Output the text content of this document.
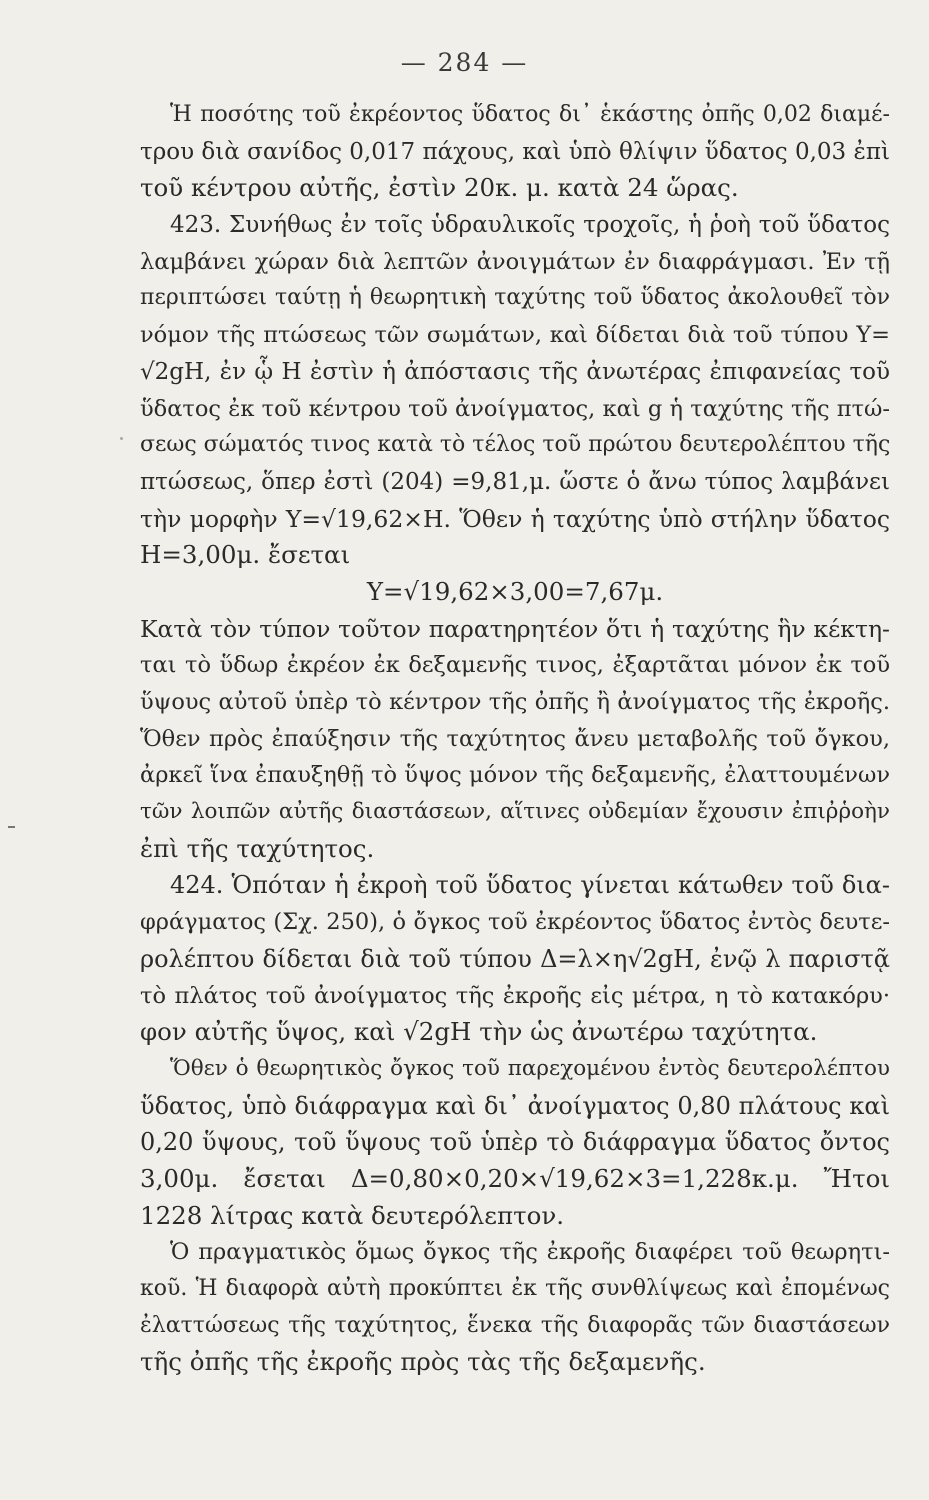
— 284 —
Ἡ ποσότης τοῦ ἐκρέοντος ὕδατος δι᾿ ἑκάστης ὀπῆς 0,02 διαμέ-
τρου διὰ σανίδος 0,017 πάχους, καὶ ὑπὸ θλίψιν ὕδατος 0,03 ἐπὶ
τοῦ κέντρου αὐτῆς, ἐστὶν 20κ. μ. κατὰ 24 ὥρας.
423. Συνήθως ἐν τοῖς ὑδραυλικοῖς τροχοῖς, ἡ ῥοὴ τοῦ ὕδατος
λαμβάνει χώραν διὰ λεπτῶν ἀνοιγμάτων ἐν διαφράγμασι. Ἐν τῇ
περιπτώσει ταύτῃ ἡ θεωρητικὴ ταχύτης τοῦ ὕδατος ἀκολουθεῖ τὸν
νόμον τῆς πτώσεως τῶν σωμάτων, καὶ δίδεται διὰ τοῦ τύπου Υ=
√2gH, ἐν ᾧ Η ἐστὶν ἡ ἀπόστασις τῆς ἀνωτέρας ἐπιφανείας τοῦ
ὕδατος ἐκ τοῦ κέντρου τοῦ ἀνοίγματος, καὶ g ἡ ταχύτης τῆς πτώ-
σεως σώματός τινος κατὰ τὸ τέλος τοῦ πρώτου δευτερολέπτου τῆς
πτώσεως, ὅπερ ἐστὶ (204) =9,81,μ. ὥστε ὁ ἄνω τύπος λαμβάνει
τὴν μορφὴν Υ=√19,62×Η. Ὅθεν ἡ ταχύτης ὑπὸ στήλην ὕδατος
Η=3,00μ. ἔσεται
Υ=√19,62×3,00=7,67μ.
Κατὰ τὸν τύπον τοῦτον παρατηρητέον ὅτι ἡ ταχύτης ἣν κέκτη-
ται τὸ ὕδωρ ἐκρέον ἐκ δεξαμενῆς τινος, ἐξαρτᾶται μόνον ἐκ τοῦ
ὕψους αὐτοῦ ὑπὲρ τὸ κέντρον τῆς ὀπῆς ἢ ἀνοίγματος τῆς ἐκροῆς.
Ὅθεν πρὸς ἐπαύξησιν τῆς ταχύτητος ἄνευ μεταβολῆς τοῦ ὄγκου,
ἀρκεῖ ἵνα ἐπαυξηθῇ τὸ ὕψος μόνον τῆς δεξαμενῆς, ἐλαττουμένων
τῶν λοιπῶν αὐτῆς διαστάσεων, αἵτινες οὐδεμίαν ἔχουσιν ἐπιῤῥοὴν
ἐπὶ τῆς ταχύτητος.
424. Ὁπόταν ἡ ἐκροὴ τοῦ ὕδατος γίνεται κάτωθεν τοῦ δια-
φράγματος (Σχ. 250), ὁ ὄγκος τοῦ ἐκρέοντος ὕδατος ἐντὸς δευτε-
ρολέπτου δίδεται διὰ τοῦ τύπου Δ=λ×η√2gH, ἐνῷ λ παριστᾷ
τὸ πλάτος τοῦ ἀνοίγματος τῆς ἐκροῆς εἰς μέτρα, η τὸ κατακόρυ·
φον αὐτῆς ὕψος, καὶ √2gH τὴν ὡς ἀνωτέρω ταχύτητα.
Ὅθεν ὁ θεωρητικὸς ὄγκος τοῦ παρεχομένου ἐντὸς δευτερολέπτου
ὕδατος, ὑπὸ διάφραγμα καὶ δι᾿ ἀνοίγματος 0,80 πλάτους καὶ
0,20 ὕψους, τοῦ ὕψους τοῦ ὑπὲρ τὸ διάφραγμα ὕδατος ὄντος
3,00μ. ἔσεται Δ=0,80×0,20×√19,62×3=1,228κ.μ. Ἤτοι
1228 λίτρας κατὰ δευτερόλεπτον.
Ὁ πραγματικὸς ὅμως ὄγκος τῆς ἐκροῆς διαφέρει τοῦ θεωρητι-
κοῦ. Ἡ διαφορὰ αὐτὴ προκύπτει ἐκ τῆς συνθλίψεως καὶ ἐπομένως
ἐλαττώσεως τῆς ταχύτητος, ἕνεκα τῆς διαφορᾶς τῶν διαστάσεων
τῆς ὀπῆς τῆς ἐκροῆς πρὸς τὰς τῆς δεξαμενῆς.
